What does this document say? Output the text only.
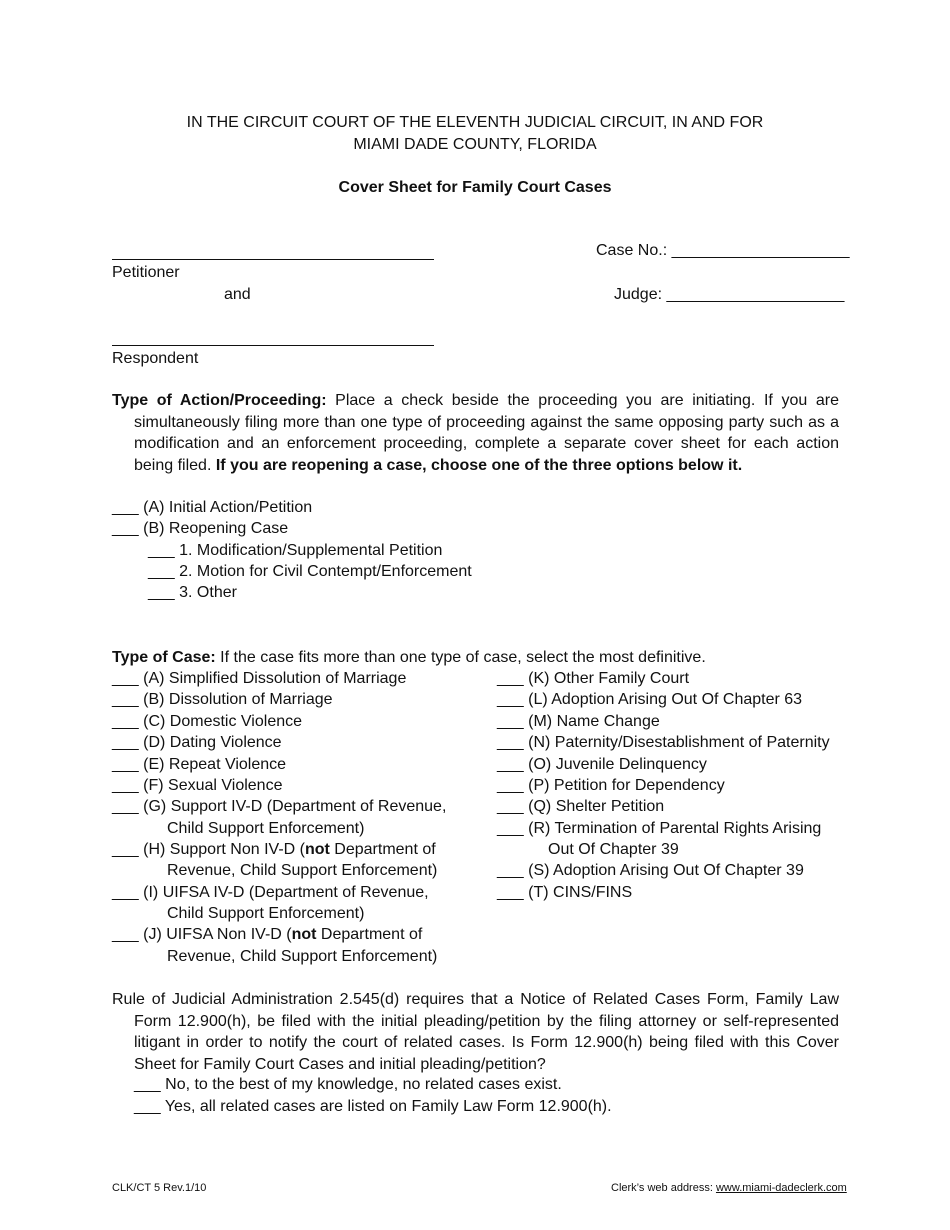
IN THE CIRCUIT COURT OF THE ELEVENTH JUDICIAL CIRCUIT, IN AND FOR
MIAMI DADE COUNTY, FLORIDA
Cover Sheet for Family Court Cases
Petitioner
and
Respondent
Case No.: ____________________
Judge: ____________________
Type of Action/Proceeding: Place a check beside the proceeding you are initiating. If you are simultaneously filing more than one type of proceeding against the same opposing party such as a modification and an enforcement proceeding, complete a separate cover sheet for each action being filed. If you are reopening a case, choose one of the three options below it.
___ (A) Initial Action/Petition
___ (B) Reopening Case
___ 1. Modification/Supplemental Petition
___ 2. Motion for Civil Contempt/Enforcement
___ 3. Other
Type of Case: If the case fits more than one type of case, select the most definitive.
___ (A) Simplified Dissolution of Marriage
___ (B) Dissolution of Marriage
___ (C) Domestic Violence
___ (D) Dating Violence
___ (E) Repeat Violence
___ (F) Sexual Violence
___ (G) Support IV-D (Department of Revenue,
Child Support Enforcement)
___ (H) Support Non IV-D (not Department of
Revenue, Child Support Enforcement)
___ (I) UIFSA IV-D (Department of Revenue,
Child Support Enforcement)
___ (J) UIFSA Non IV-D (not Department of
Revenue, Child Support Enforcement)
___ (K) Other Family Court
___ (L) Adoption Arising Out Of Chapter 63
___ (M) Name Change
___ (N) Paternity/Disestablishment of Paternity
___ (O) Juvenile Delinquency
___ (P) Petition for Dependency
___ (Q) Shelter Petition
___ (R) Termination of Parental Rights Arising
Out Of Chapter 39
___ (S) Adoption Arising Out Of Chapter 39
___ (T) CINS/FINS
Rule of Judicial Administration 2.545(d) requires that a Notice of Related Cases Form, Family Law Form 12.900(h), be filed with the initial pleading/petition by the filing attorney or self-represented litigant in order to notify the court of related cases. Is Form 12.900(h) being filed with this Cover Sheet for Family Court Cases and initial pleading/petition?
___ No, to the best of my knowledge, no related cases exist.
___ Yes, all related cases are listed on Family Law Form 12.900(h).
CLK/CT 5 Rev.1/10	Clerk’s web address: www.miami-dadeclerk.com
